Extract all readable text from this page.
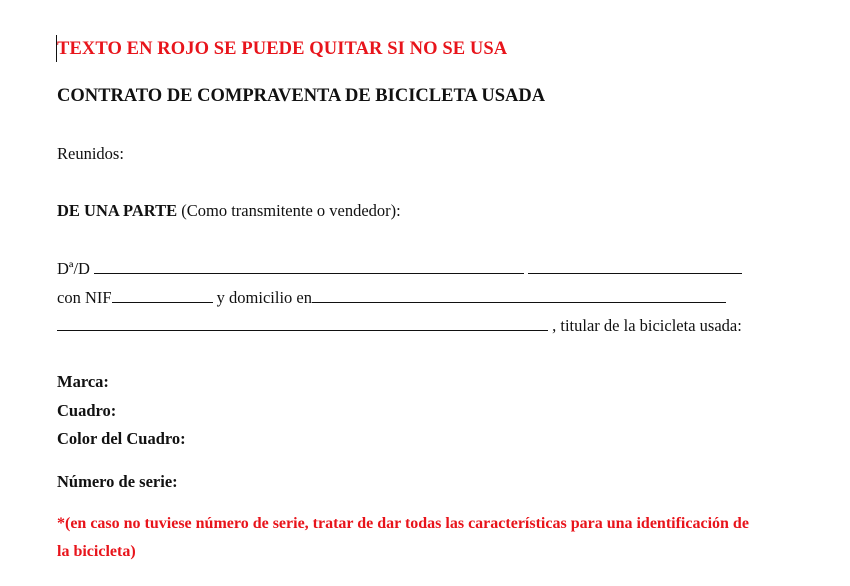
TEXTO EN ROJO SE PUEDE QUITAR SI NO SE USA
CONTRATO DE COMPRAVENTA DE BICICLETA USADA
Reunidos:
DE UNA PARTE (Como transmitente o vendedor):
Dª/D
con NIF	y domicilio en
, titular de la bicicleta usada:
Marca:
Cuadro:
Color del Cuadro:
Número de serie:
*(en caso no tuviese número de serie, tratar de dar todas las características para una identificación de
la bicicleta)
